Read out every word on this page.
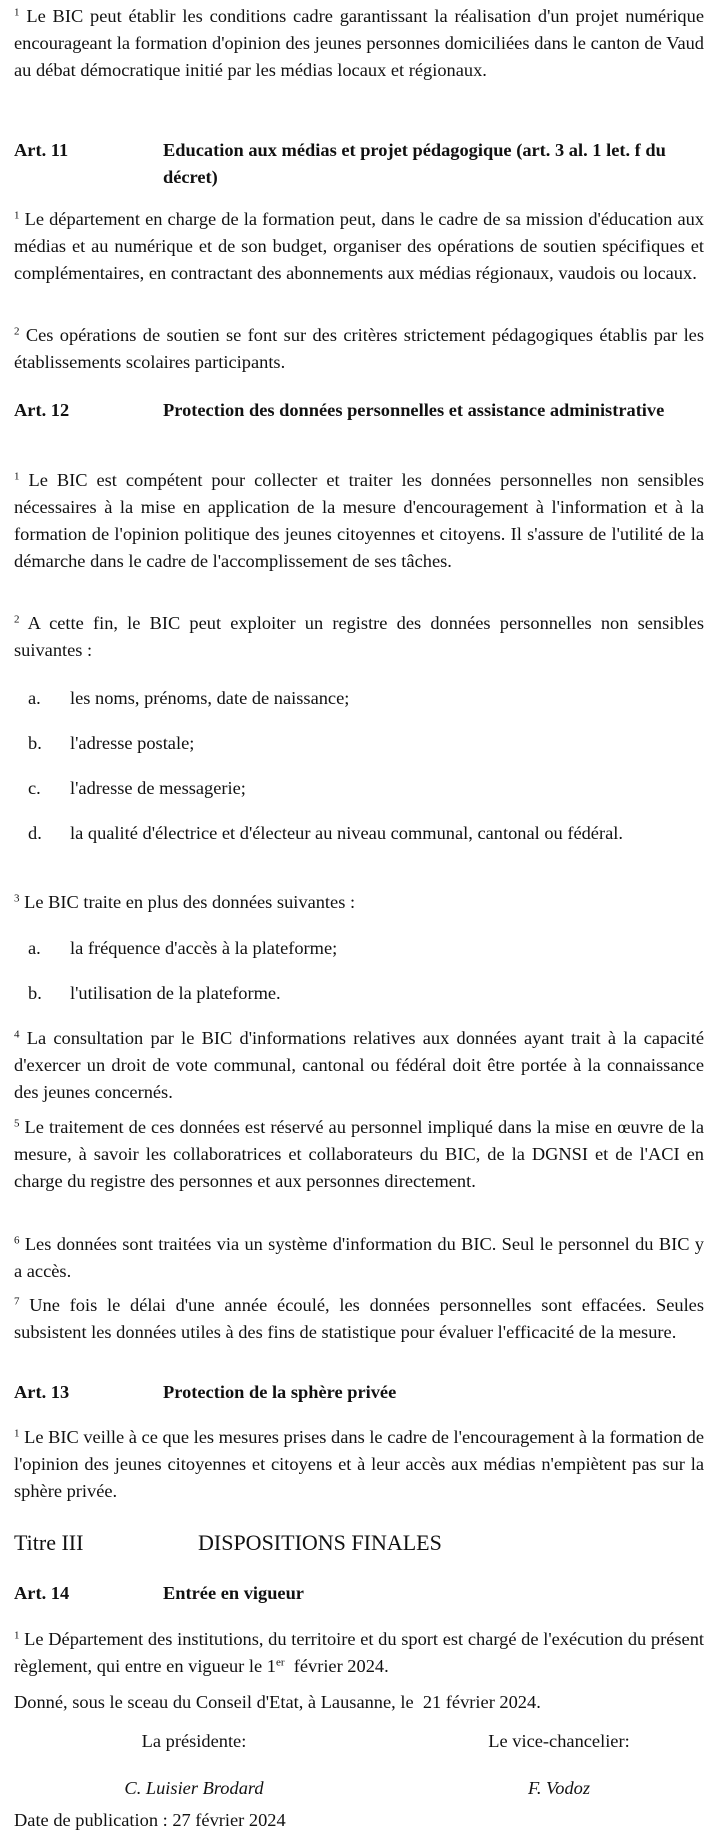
$^1$ Le BIC peut établir les conditions cadre garantissant la réalisation d'un projet numérique encourageant la formation d'opinion des jeunes personnes domiciliées dans le canton de Vaud au débat démocratique initié par les médias locaux et régionaux.

Art. 11	Education aux médias et projet pédagogique (art. 3 al. 1 let. f du décret)

$^1$ Le département en charge de la formation peut, dans le cadre de sa mission d'éducation aux médias et au numérique et de son budget, organiser des opérations de soutien spécifiques et complémentaires, en contractant des abonnements aux médias régionaux, vaudois ou locaux.

$^2$ Ces opérations de soutien se font sur des critères strictement pédagogiques établis par les établissements scolaires participants.

Art. 12	Protection des données personnelles et assistance administrative

$^1$ Le BIC est compétent pour collecter et traiter les données personnelles non sensibles nécessaires à la mise en application de la mesure d'encouragement à l'information et à la formation de l'opinion politique des jeunes citoyennes et citoyens. Il s'assure de l'utilité de la démarche dans le cadre de l'accomplissement de ses tâches.

$^2$ A cette fin, le BIC peut exploiter un registre des données personnelles non sensibles suivantes :

a.	les noms, prénoms, date de naissance;
b.	l'adresse postale;
c.	l'adresse de messagerie;
d.	la qualité d'électrice et d'électeur au niveau communal, cantonal ou fédéral.

$^3$ Le BIC traite en plus des données suivantes :

a.	la fréquence d'accès à la plateforme;
b.	l'utilisation de la plateforme.

$^4$ La consultation par le BIC d'informations relatives aux données ayant trait à la capacité d'exercer un droit de vote communal, cantonal ou fédéral doit être portée à la connaissance des jeunes concernés.

$^5$ Le traitement de ces données est réservé au personnel impliqué dans la mise en œuvre de la mesure, à savoir les collaboratrices et collaborateurs du BIC, de la DGNSI et de l'ACI en charge du registre des personnes et aux personnes directement.

$^6$ Les données sont traitées via un système d'information du BIC. Seul le personnel du BIC y a accès.

$^7$ Une fois le délai d'une année écoulé, les données personnelles sont effacées. Seules subsistent les données utiles à des fins de statistique pour évaluer l'efficacité de la mesure.

Art. 13	Protection de la sphère privée

$^1$ Le BIC veille à ce que les mesures prises dans le cadre de l'encouragement à la formation de l'opinion des jeunes citoyennes et citoyens et à leur accès aux médias n'empiètent pas sur la sphère privée.

Titre III	DISPOSITIONS FINALES
Art. 14	Entrée en vigueur

$^1$ Le Département des institutions, du territoire et du sport est chargé de l'exécution du présent règlement, qui entre en vigueur le 1er  février 2024.

Donné, sous le sceau du Conseil d'Etat, à Lausanne, le  21 février 2024.

La présidente:
C. Luisier Brodard
Le vice-chancelier:
F. Vodoz

Date de publication : 27 février 2024
